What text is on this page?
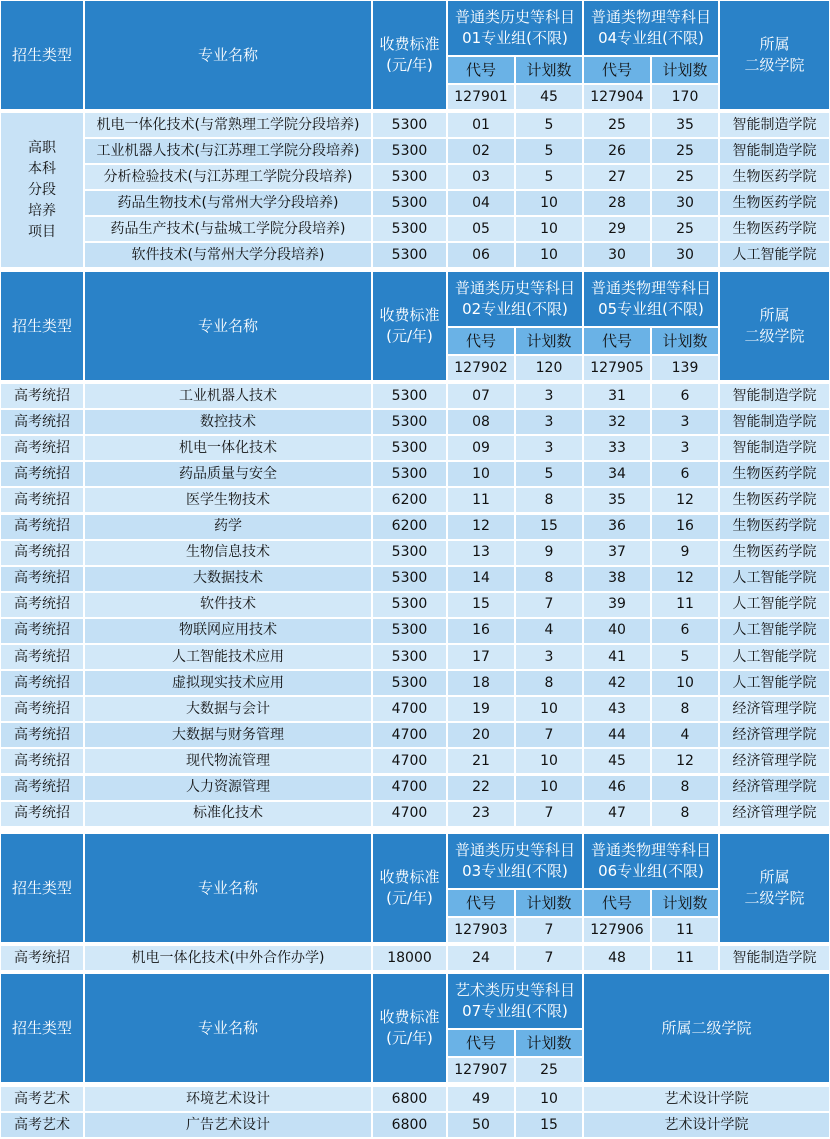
招生类型	专业名称
收费标准
(元/年)
普通类历史等科目
01专业组(不限)
代号	计划数
127901	45
普通类物理等科目
04专业组(不限)
代号	计划数
127904	170
所属
二级学院
高职
本科
分段
培养
项目
机电一体化技术(与常熟理工学院分段培养)	5300	01	5	25	35	智能制造学院
工业机器人技术(与江苏理工学院分段培养)	5300	02	5	26	25	智能制造学院
分析检验技术(与江苏理工学院分段培养)	5300	03	5	27	25	生物医药学院
药品生物技术(与常州大学分段培养)	5300	04	10	28	30	生物医药学院
药品生产技术(与盐城工学院分段培养)	5300	05	10	29	25	生物医药学院
软件技术(与常州大学分段培养)	5300	06	10	30	30	人工智能学院
招生类型	专业名称
收费标准
(元/年)
普通类历史等科目
02专业组(不限)
代号	计划数
127902	120
普通类物理等科目
05专业组(不限)
代号	计划数
127905	139
所属
二级学院
高考统招	工业机器人技术	5300	07	3	31	6	智能制造学院
高考统招	数控技术	5300	08	3	32	3	智能制造学院
高考统招	机电一体化技术	5300	09	3	33	3	智能制造学院
高考统招	药品质量与安全	5300	10	5	34	6	生物医药学院
高考统招	医学生物技术	6200	11	8	35	12	生物医药学院
高考统招	药学	6200	12	15	36	16	生物医药学院
高考统招	生物信息技术	5300	13	9	37	9	生物医药学院
高考统招	大数据技术	5300	14	8	38	12	人工智能学院
高考统招	软件技术	5300	15	7	39	11	人工智能学院
高考统招	物联网应用技术	5300	16	4	40	6	人工智能学院
高考统招	人工智能技术应用	5300	17	3	41	5	人工智能学院
高考统招	虚拟现实技术应用	5300	18	8	42	10	人工智能学院
高考统招	大数据与会计	4700	19	10	43	8	经济管理学院
高考统招	大数据与财务管理	4700	20	7	44	4	经济管理学院
高考统招	现代物流管理	4700	21	10	45	12	经济管理学院
高考统招	人力资源管理	4700	22	10	46	8	经济管理学院
高考统招	标准化技术	4700	23	7	47	8	经济管理学院
招生类型	专业名称
收费标准
(元/年)
普通类历史等科目
03专业组(不限)
代号	计划数
127903	7
普通类物理等科目
06专业组(不限)
代号	计划数
127906	11
所属
二级学院
高考统招	机电一体化技术(中外合作办学)	18000	24	7	48	11	智能制造学院
招生类型	专业名称
收费标准
(元/年)
艺术类历史等科目
07专业组(不限)
代号	计划数
127907	25
所属二级学院
高考艺术	环境艺术设计	6800	49	10	艺术设计学院
高考艺术	广告艺术设计	6800	50	15	艺术设计学院
